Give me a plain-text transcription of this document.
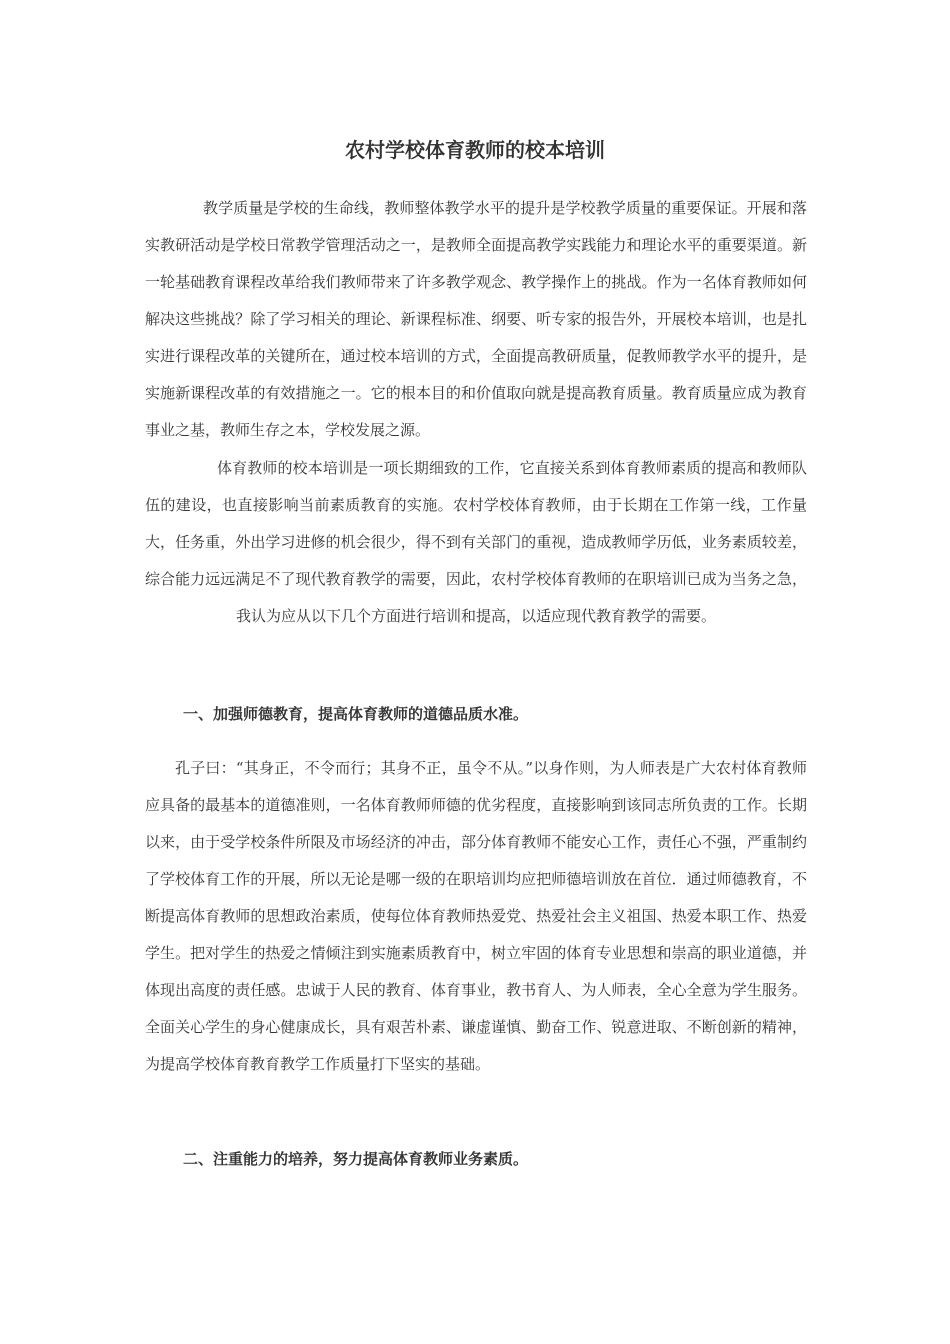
农村学校体育教师的校本培训

教学质量是学校的生命线，教师整体教学水平的提升是学校教学质量的重要保证。开展和落实教研活动是学校日常教学管理活动之一，是教师全面提高教学实践能力和理论水平的重要渠道。新一轮基础教育课程改革给我们教师带来了许多教学观念、教学操作上的挑战。作为一名体育教师如何解决这些挑战？除了学习相关的理论、新课程标准、纲要、听专家的报告外，开展校本培训，也是扎实进行课程改革的关键所在，通过校本培训的方式，全面提高教研质量，促教师教学水平的提升，是实施新课程改革的有效措施之一。它的根本目的和价值取向就是提高教育质量。教育质量应成为教育事业之基，教师生存之本，学校发展之源。

体育教师的校本培训是一项长期细致的工作，它直接关系到体育教师素质的提高和教师队伍的建设，也直接影响当前素质教育的实施。农村学校体育教师，由于长期在工作第一线，工作量大，任务重，外出学习进修的机会很少，得不到有关部门的重视，造成教师学历低，业务素质较差，综合能力远远满足不了现代教育教学的需要，因此，农村学校体育教师的在职培训已成为当务之急，我认为应从以下几个方面进行培训和提高，以适应现代教育教学的需要。

一、加强师德教育，提高体育教师的道德品质水准。

孔子曰：“其身正，不令而行；其身不正，虽令不从。”以身作则，为人师表是广大农村体育教师应具备的最基本的道德准则，一名体育教师师德的优劣程度，直接影响到该同志所负责的工作。长期以来，由于受学校条件所限及市场经济的冲击，部分体育教师不能安心工作，责任心不强，严重制约了学校体育工作的开展，所以无论是哪一级的在职培训均应把师德培训放在首位．通过师德教育，不断提高体育教师的思想政治素质，使每位体育教师热爱党、热爱社会主义祖国、热爱本职工作、热爱学生。把对学生的热爱之情倾注到实施素质教育中，树立牢固的体育专业思想和崇高的职业道德，并体现出高度的责任感。忠诚于人民的教育、体育事业，教书育人、为人师表，全心全意为学生服务。全面关心学生的身心健康成长，具有艰苦朴素、谦虚谨慎、勤奋工作、锐意进取、不断创新的精神，为提高学校体育教育教学工作质量打下坚实的基础。

二、注重能力的培养，努力提高体育教师业务素质。
